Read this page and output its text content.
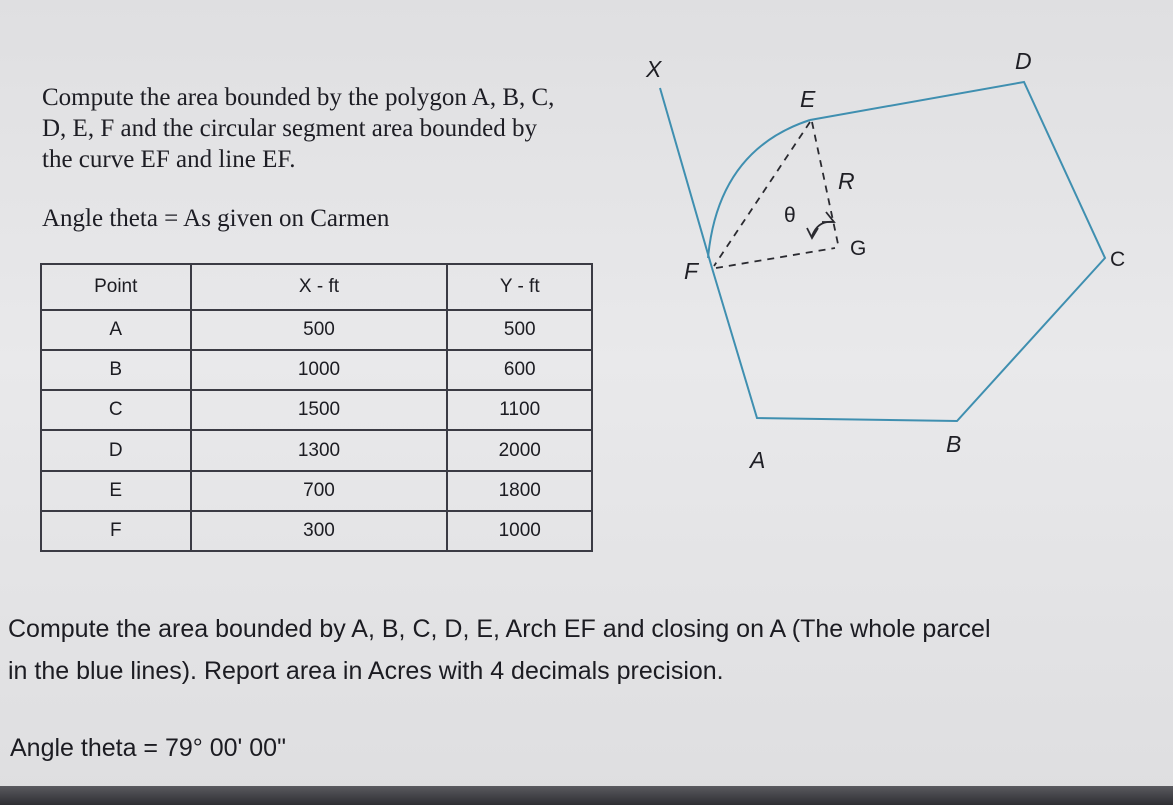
Compute the area bounded by the polygon A, B, C,
D, E, F and the circular segment area bounded by
the curve EF and line EF.
Angle theta = As given on Carmen
Point	X - ft	Y - ft
A	500	500
B	1000	600
C	1500	1100
D	1300	2000
E	700	1800
F	300	1000
X	D
E
R
θ
G
F	C
A
B
Compute the area bounded by A, B, C, D, E, Arch EF and closing on A (The whole parcel
in the blue lines). Report area in Acres with 4 decimals precision.
Angle theta = 79° 00' 00"
